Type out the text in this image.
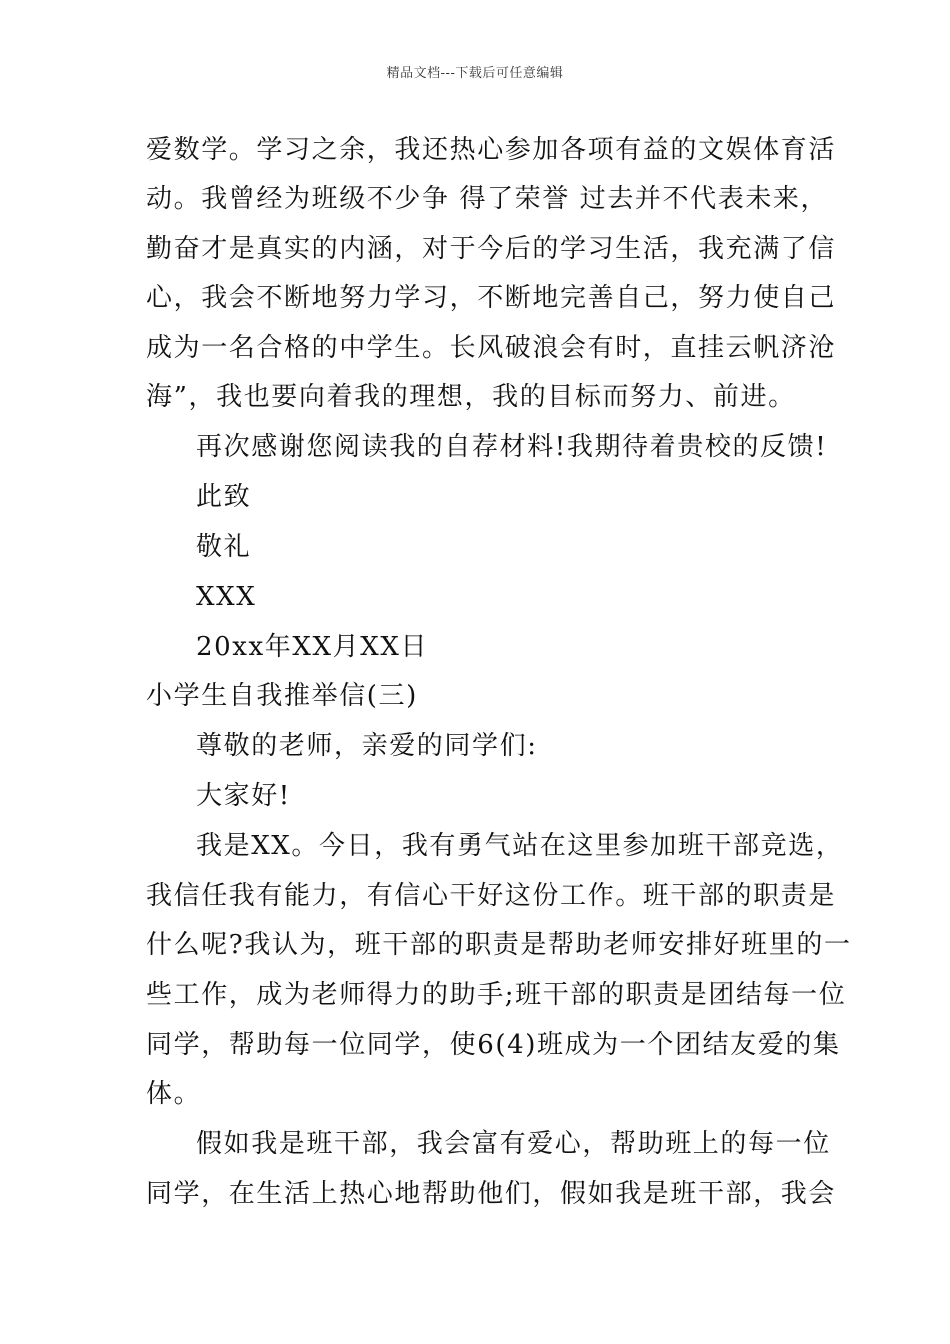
精品文档---下载后可任意编辑
爱数学。学习之余，我还热心参加各项有益的文娱体育活
动。我曾经为班级不少争 得了荣誉 过去并不代表未来，
勤奋才是真实的内涵，对于今后的学习生活，我充满了信
心，我会不断地努力学习，不断地完善自己，努力使自己
成为一名合格的中学生。长风破浪会有时，直挂云帆济沧
海”，我也要向着我的理想，我的目标而努力、前进。
再次感谢您阅读我的自荐材料!我期待着贵校的反馈!
此致
敬礼
XXX
20xx年XX月XX日
小学生自我推举信(三)
尊敬的老师，亲爱的同学们:
大家好!
我是XX。今日，我有勇气站在这里参加班干部竞选，
我信任我有能力，有信心干好这份工作。班干部的职责是
什么呢?我认为，班干部的职责是帮助老师安排好班里的一
些工作，成为老师得力的助手;班干部的职责是团结每一位
同学，帮助每一位同学，使6(4)班成为一个团结友爱的集
体。
假如我是班干部，我会富有爱心，帮助班上的每一位
同学，在生活上热心地帮助他们，假如我是班干部，我会
